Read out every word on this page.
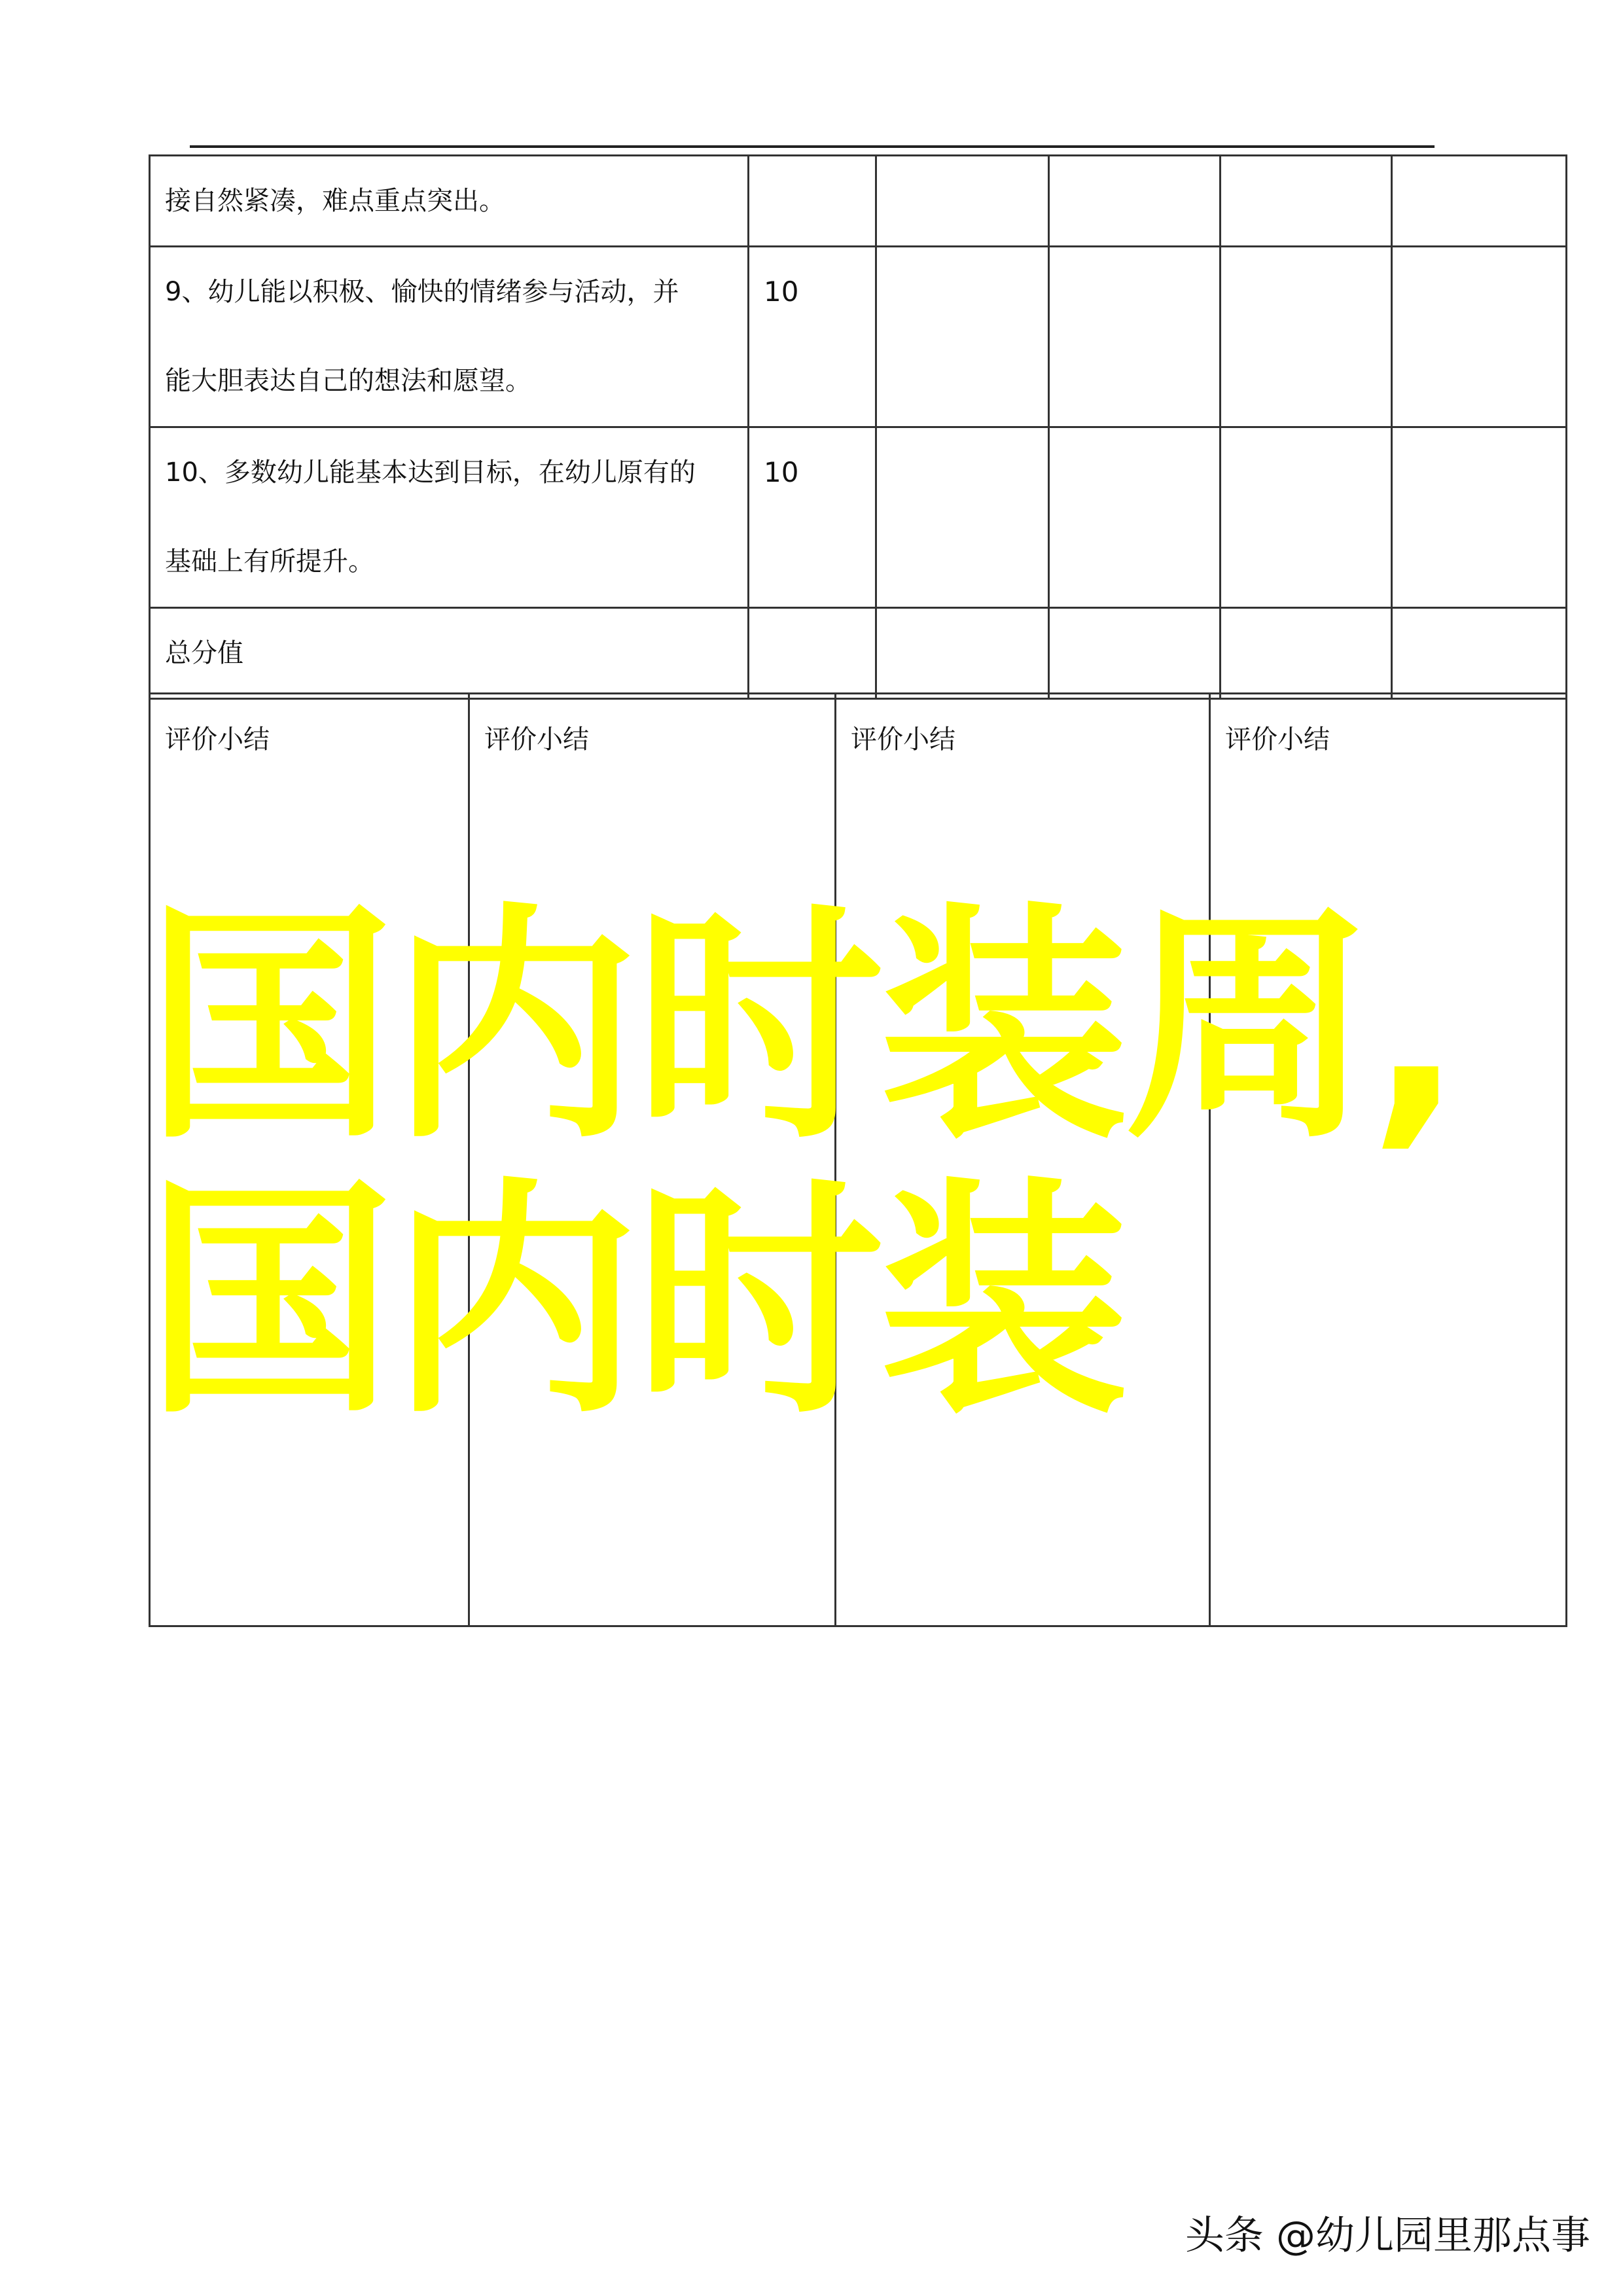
接自然紧凑，难点重点突出。					

9、幼儿能以积极、愉快的情绪参与活动，并
能大胆表达自己的想法和愿望。	10				

10、多数幼儿能基本达到目标，在幼儿原有的
基础上有所提升。	10				

总分值					

评价小结	评价小结	评价小结	评价小结
国内时装周,国内时装
头条 @幼儿园里那点事
